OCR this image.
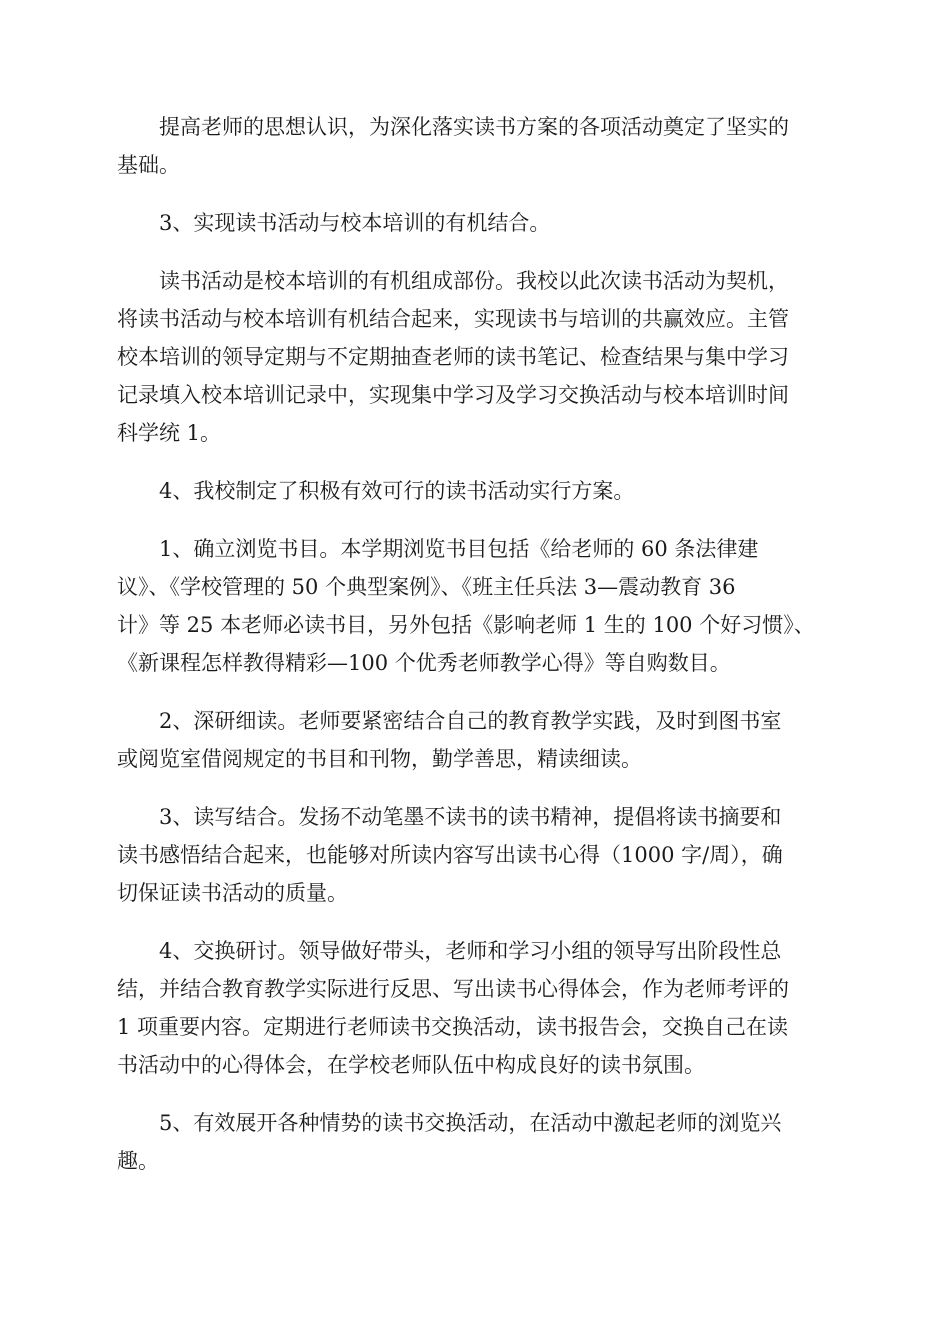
提高老师的思想认识，为深化落实读书方案的各项活动奠定了坚实的
基础。

3、实现读书活动与校本培训的有机结合。

读书活动是校本培训的有机组成部份。我校以此次读书活动为契机，
将读书活动与校本培训有机结合起来，实现读书与培训的共赢效应。主管
校本培训的领导定期与不定期抽查老师的读书笔记、检查结果与集中学习
记录填入校本培训记录中，实现集中学习及学习交换活动与校本培训时间
科学统 1。

4、我校制定了积极有效可行的读书活动实行方案。

1、确立浏览书目。本学期浏览书目包括《给老师的 60 条法律建
议》、《学校管理的 50 个典型案例》、《班主任兵法 3—震动教育 36
计》等 25 本老师必读书目，另外包括《影响老师 1 生的 100 个好习惯》、
《新课程怎样教得精彩—100 个优秀老师教学心得》等自购数目。

2、深研细读。老师要紧密结合自己的教育教学实践，及时到图书室
或阅览室借阅规定的书目和刊物，勤学善思，精读细读。

3、读写结合。发扬不动笔墨不读书的读书精神，提倡将读书摘要和
读书感悟结合起来，也能够对所读内容写出读书心得（1000 字/周），确
切保证读书活动的质量。

4、交换研讨。领导做好带头，老师和学习小组的领导写出阶段性总
结，并结合教育教学实际进行反思、写出读书心得体会，作为老师考评的
1 项重要内容。定期进行老师读书交换活动，读书报告会，交换自己在读
书活动中的心得体会，在学校老师队伍中构成良好的读书氛围。

5、有效展开各种情势的读书交换活动，在活动中激起老师的浏览兴
趣。
